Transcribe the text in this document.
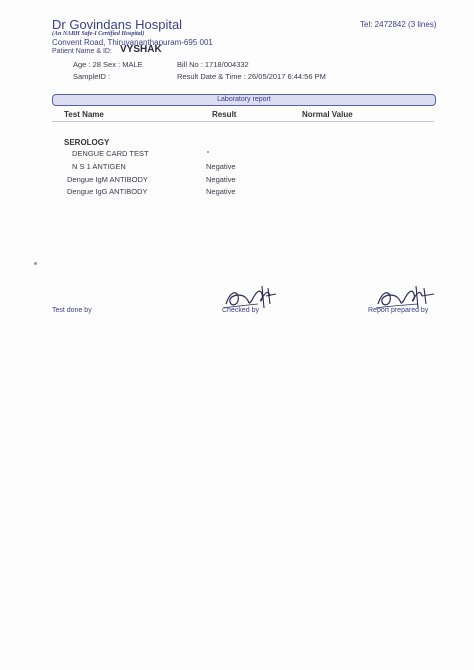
Dr Govindans Hospital
(An NABH Safe-I Certified Hospital)
Convent Road, Thiruvananthapuram-695 001
Tel: 2472842 (3 lines)
Patient Name & ID: VYSHAK
Age : 28 Sex : MALE	Bill No : 1718/004332
SampleID :	Result Date & Time : 26/05/2017 6:44:56 PM
Laboratory report
Test Name	Result	Normal Value
SEROLOGY
DENGUE CARD TEST
N S 1 ANTIGEN	Negative
Dengue IgM ANTIBODY	Negative
Dengue IgG ANTIBODY	Negative
Test done by	Checked by	Report prepared by
